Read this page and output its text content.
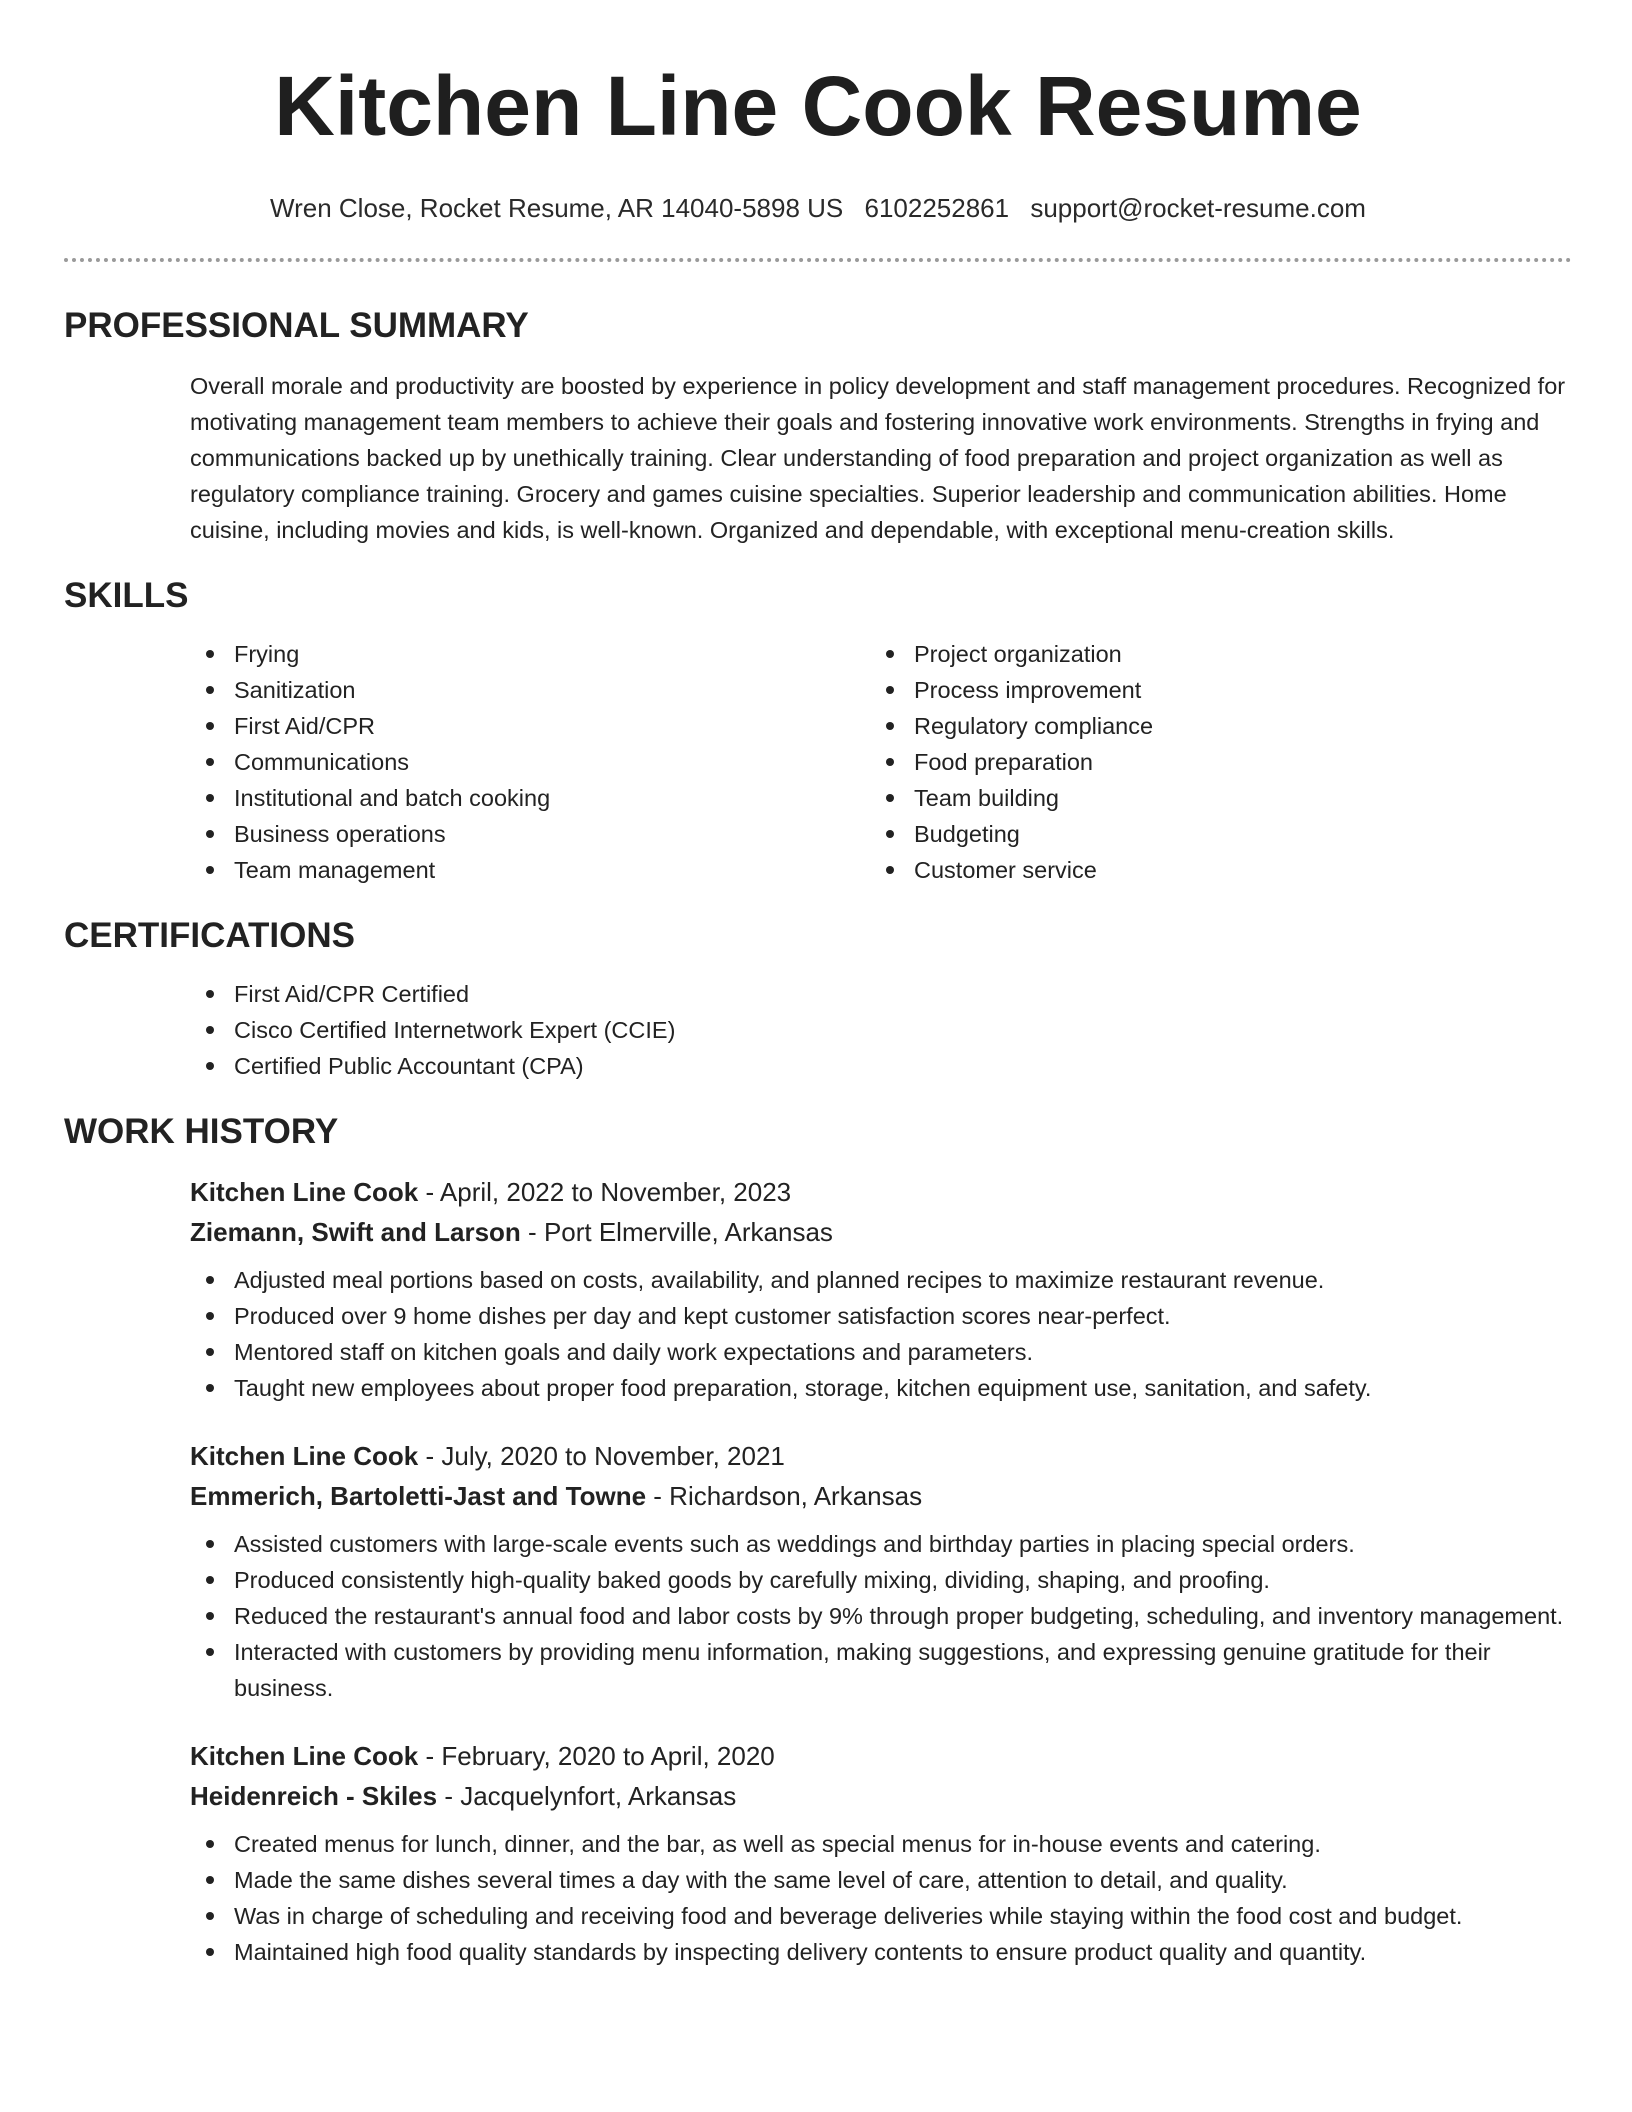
Kitchen Line Cook Resume
Wren Close, Rocket Resume, AR 14040-5898 US 6102252861 support@rocket-resume.com
PROFESSIONAL SUMMARY
Overall morale and productivity are boosted by experience in policy development and staff management procedures. Recognized for motivating management team members to achieve their goals and fostering innovative work environments. Strengths in frying and communications backed up by unethically training. Clear understanding of food preparation and project organization as well as regulatory compliance training. Grocery and games cuisine specialties. Superior leadership and communication abilities. Home cuisine, including movies and kids, is well-known. Organized and dependable, with exceptional menu-creation skills.
SKILLS
Frying
Sanitization
First Aid/CPR
Communications
Institutional and batch cooking
Business operations
Team management
Project organization
Process improvement
Regulatory compliance
Food preparation
Team building
Budgeting
Customer service
CERTIFICATIONS
First Aid/CPR Certified
Cisco Certified Internetwork Expert (CCIE)
Certified Public Accountant (CPA)
WORK HISTORY
Kitchen Line Cook - April, 2022 to November, 2023
Ziemann, Swift and Larson - Port Elmerville, Arkansas
Adjusted meal portions based on costs, availability, and planned recipes to maximize restaurant revenue.
Produced over 9 home dishes per day and kept customer satisfaction scores near-perfect.
Mentored staff on kitchen goals and daily work expectations and parameters.
Taught new employees about proper food preparation, storage, kitchen equipment use, sanitation, and safety.
Kitchen Line Cook - July, 2020 to November, 2021
Emmerich, Bartoletti-Jast and Towne - Richardson, Arkansas
Assisted customers with large-scale events such as weddings and birthday parties in placing special orders.
Produced consistently high-quality baked goods by carefully mixing, dividing, shaping, and proofing.
Reduced the restaurant's annual food and labor costs by 9% through proper budgeting, scheduling, and inventory management.
Interacted with customers by providing menu information, making suggestions, and expressing genuine gratitude for their business.
Kitchen Line Cook - February, 2020 to April, 2020
Heidenreich - Skiles - Jacquelynfort, Arkansas
Created menus for lunch, dinner, and the bar, as well as special menus for in-house events and catering.
Made the same dishes several times a day with the same level of care, attention to detail, and quality.
Was in charge of scheduling and receiving food and beverage deliveries while staying within the food cost and budget.
Maintained high food quality standards by inspecting delivery contents to ensure product quality and quantity.
